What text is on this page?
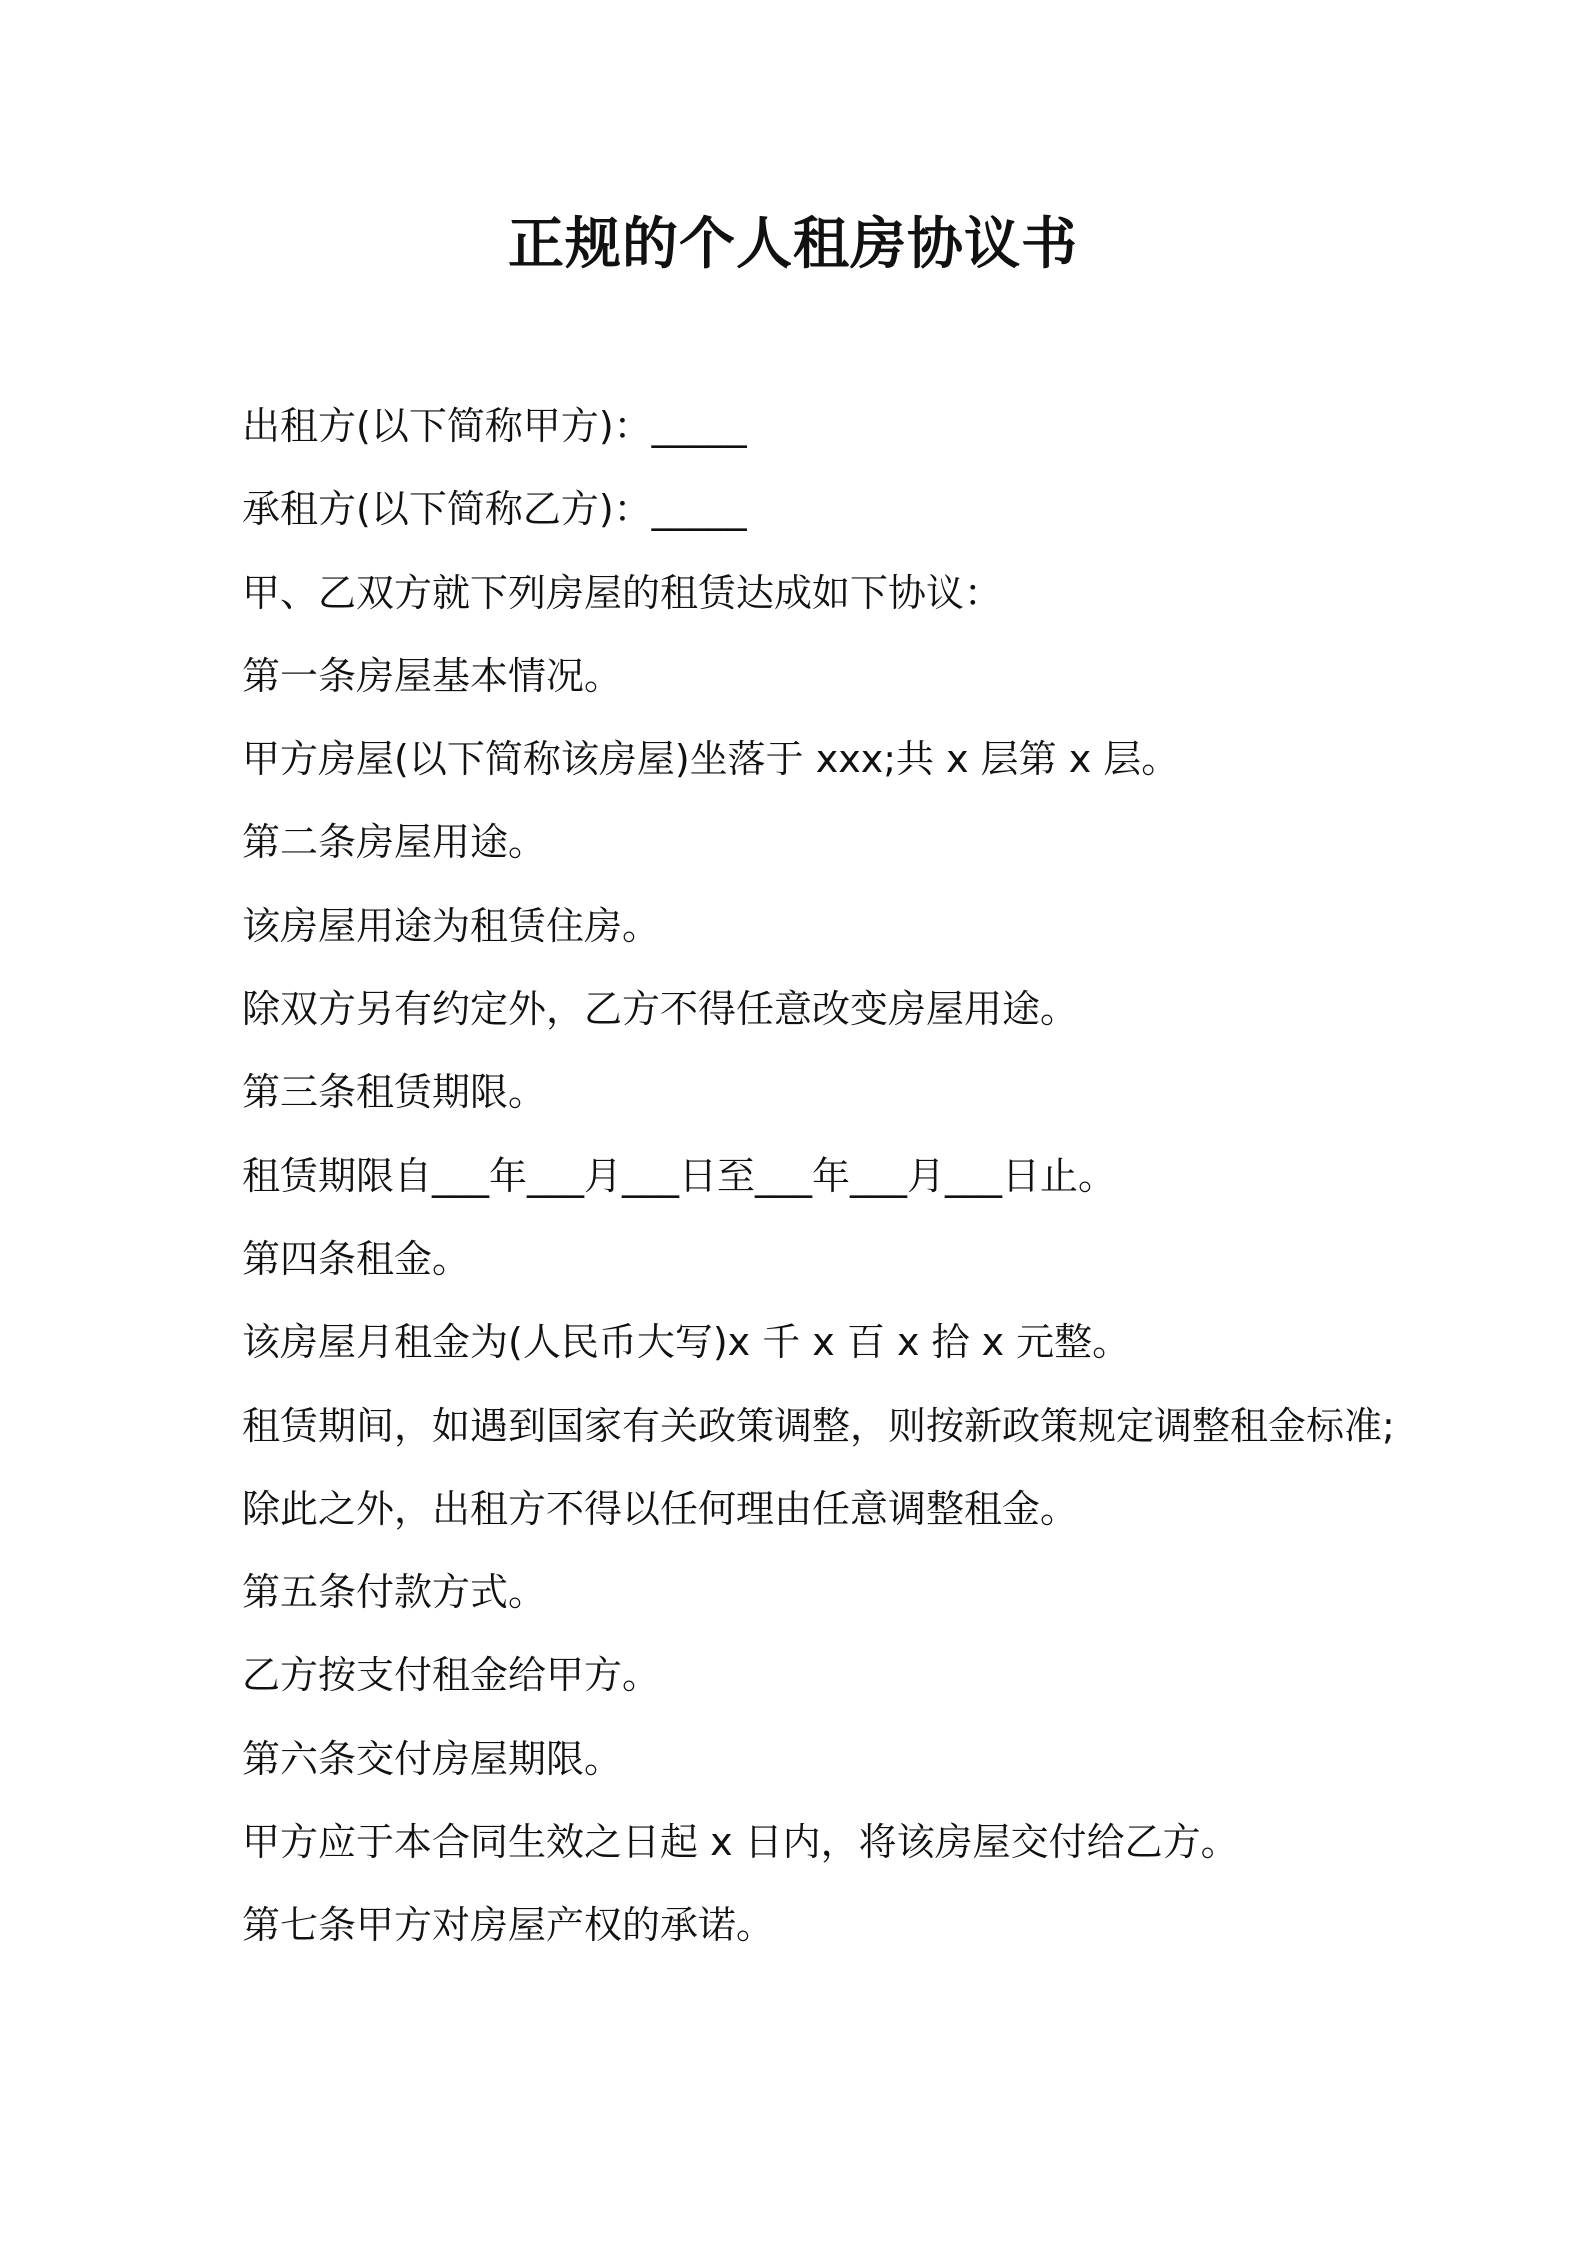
正规的个人租房协议书
出租方(以下简称甲方)：_____
承租方(以下简称乙方)：_____
甲、乙双方就下列房屋的租赁达成如下协议：
第一条房屋基本情况。
甲方房屋(以下简称该房屋)坐落于 xxx;共 x 层第 x 层。
第二条房屋用途。
该房屋用途为租赁住房。
除双方另有约定外，乙方不得任意改变房屋用途。
第三条租赁期限。
租赁期限自___年___月___日至___年___月___日止。
第四条租金。
该房屋月租金为(人民币大写)x 千 x 百 x 拾 x 元整。
租赁期间，如遇到国家有关政策调整，则按新政策规定调整租金标准;
除此之外，出租方不得以任何理由任意调整租金。
第五条付款方式。
乙方按支付租金给甲方。
第六条交付房屋期限。
甲方应于本合同生效之日起 x 日内，将该房屋交付给乙方。
第七条甲方对房屋产权的承诺。
